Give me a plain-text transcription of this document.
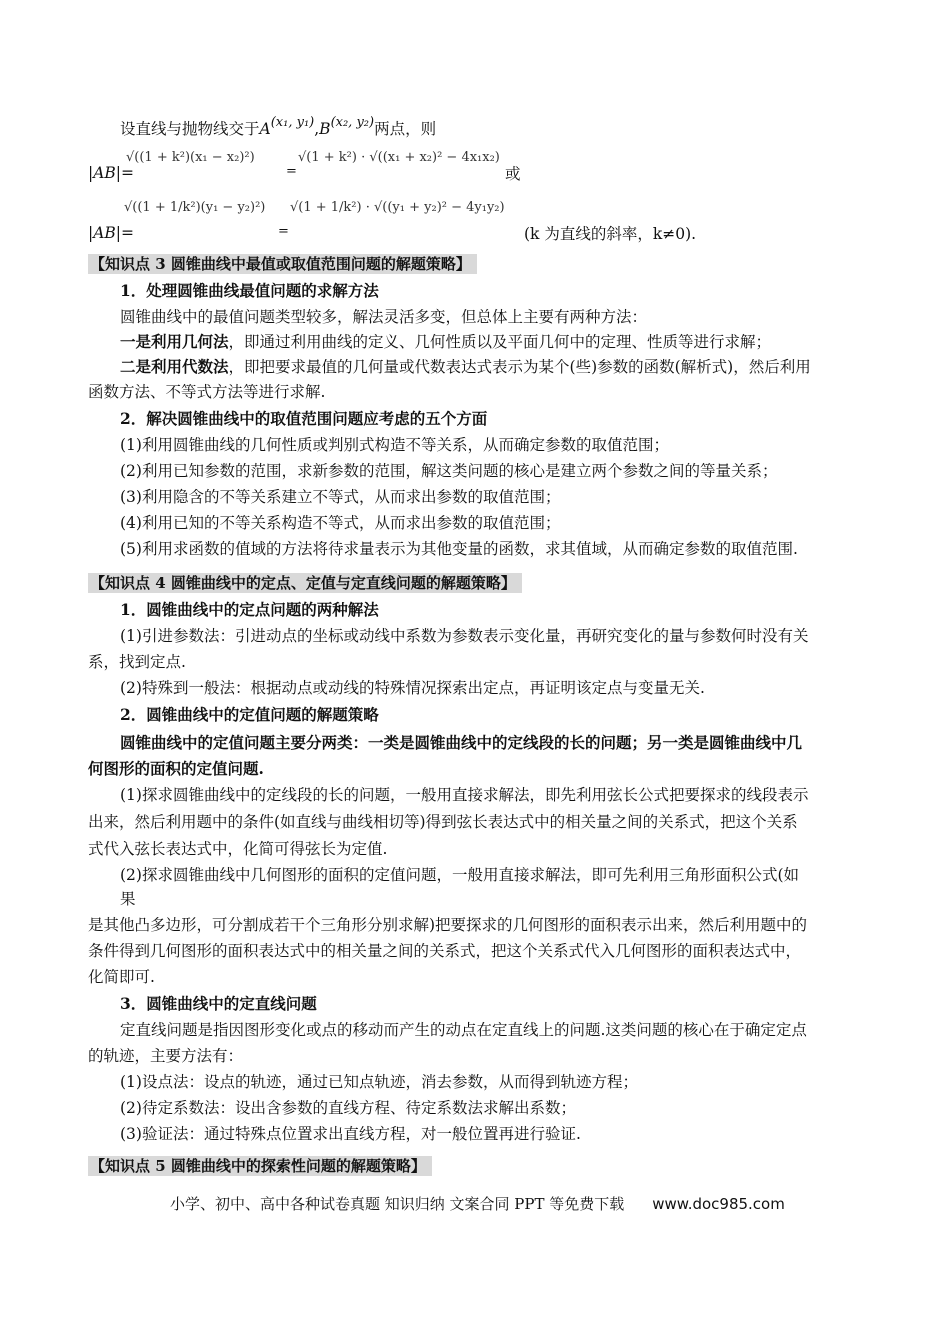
设直线与抛物线交于$A^{(x_1, y_1)},B^{(x_2, y_2)}$两点，则
|AB|=
√((1 + k²)(x₁ − x₂)²)
=
√(1 + k²) · √((x₁ + x₂)² − 4x₁x₂)
或
|AB|=
√((1 + 1/k²)(y₁ − y₂)²)
=
√(1 + 1/k²) · √((y₁ + y₂)² − 4y₁y₂)
(k 为直线的斜率，k≠0).
【知识点 3 圆锥曲线中最值或取值范围问题的解题策略】
1．处理圆锥曲线最值问题的求解方法
圆锥曲线中的最值问题类型较多，解法灵活多变，但总体上主要有两种方法：
一是利用几何法，即通过利用曲线的定义、几何性质以及平面几何中的定理、性质等进行求解；
二是利用代数法，即把要求最值的几何量或代数表达式表示为某个(些)参数的函数(解析式)，然后利用
函数方法、不等式方法等进行求解.
2．解决圆锥曲线中的取值范围问题应考虑的五个方面
(1)利用圆锥曲线的几何性质或判别式构造不等关系，从而确定参数的取值范围；
(2)利用已知参数的范围，求新参数的范围，解这类问题的核心是建立两个参数之间的等量关系；
(3)利用隐含的不等关系建立不等式，从而求出参数的取值范围；
(4)利用已知的不等关系构造不等式，从而求出参数的取值范围；
(5)利用求函数的值域的方法将待求量表示为其他变量的函数，求其值域，从而确定参数的取值范围.
【知识点 4 圆锥曲线中的定点、定值与定直线问题的解题策略】
1．圆锥曲线中的定点问题的两种解法
(1)引进参数法：引进动点的坐标或动线中系数为参数表示变化量，再研究变化的量与参数何时没有关
系，找到定点.
(2)特殊到一般法：根据动点或动线的特殊情况探索出定点，再证明该定点与变量无关.
2．圆锥曲线中的定值问题的解题策略
圆锥曲线中的定值问题主要分两类：一类是圆锥曲线中的定线段的长的问题；另一类是圆锥曲线中几
何图形的面积的定值问题.
(1)探求圆锥曲线中的定线段的长的问题，一般用直接求解法，即先利用弦长公式把要探求的线段表示
出来，然后利用题中的条件(如直线与曲线相切等)得到弦长表达式中的相关量之间的关系式，把这个关系
式代入弦长表达式中，化简可得弦长为定值.
(2)探求圆锥曲线中几何图形的面积的定值问题，一般用直接求解法，即可先利用三角形面积公式(如
果
是其他凸多边形，可分割成若干个三角形分别求解)把要探求的几何图形的面积表示出来，然后利用题中的
条件得到几何图形的面积表达式中的相关量之间的关系式，把这个关系式代入几何图形的面积表达式中，
化简即可.
3．圆锥曲线中的定直线问题
定直线问题是指因图形变化或点的移动而产生的动点在定直线上的问题.这类问题的核心在于确定定点
的轨迹，主要方法有：
(1)设点法：设点的轨迹，通过已知点轨迹，消去参数，从而得到轨迹方程；
(2)待定系数法：设出含参数的直线方程、待定系数法求解出系数；
(3)验证法：通过特殊点位置求出直线方程，对一般位置再进行验证.
【知识点 5 圆锥曲线中的探索性问题的解题策略】
小学、初中、高中各种试卷真题 知识归纳 文案合同 PPT 等免费下载 www.doc985.com
